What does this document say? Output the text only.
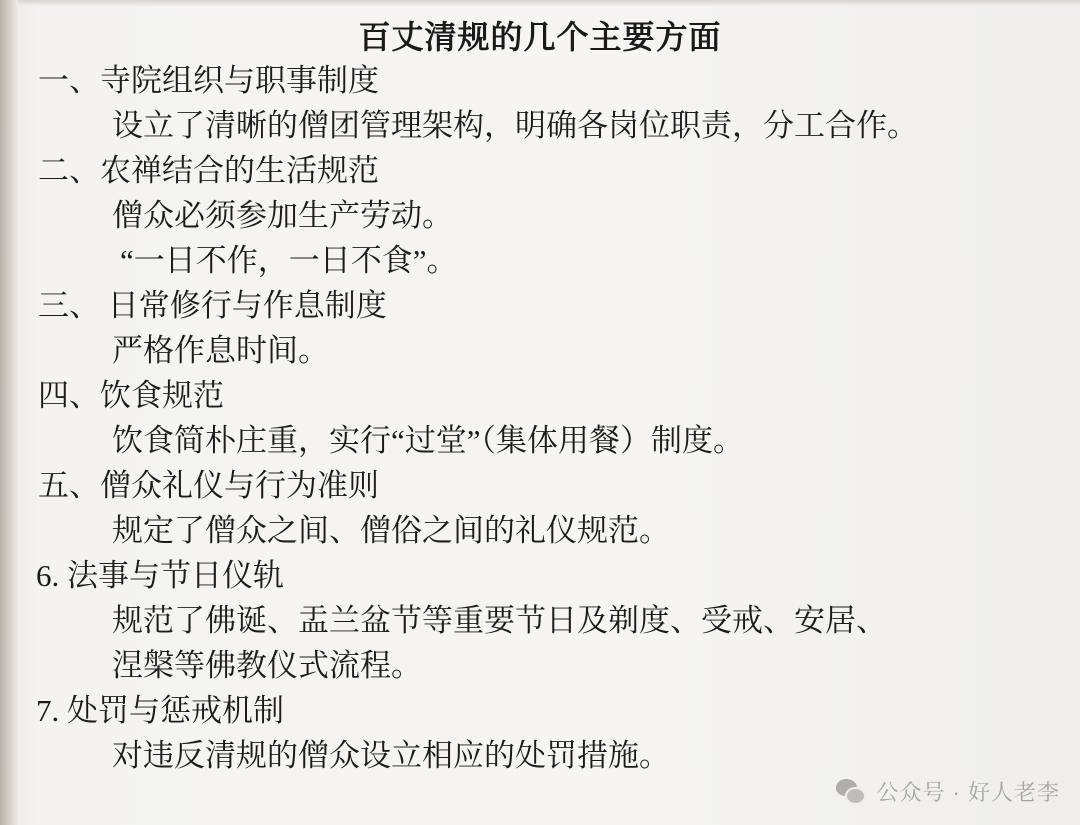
百丈清规的几个主要方面
一、寺院组织与职事制度
设立了清晰的僧团管理架构，明确各岗位职责，分工合作。
二、农禅结合的生活规范
僧众必须参加生产劳动。
“一日不作，一日不食”。
三、 日常修行与作息制度
严格作息时间。
四、饮食规范
饮食简朴庄重，实行“过堂”（集体用餐）制度。
五、僧众礼仪与行为准则
规定了僧众之间、僧俗之间的礼仪规范。
6. 法事与节日仪轨
规范了佛诞、盂兰盆节等重要节日及剃度、受戒、安居、
涅槃等佛教仪式流程。
7. 处罚与惩戒机制
对违反清规的僧众设立相应的处罚措施。
公众号 · 好人老李
